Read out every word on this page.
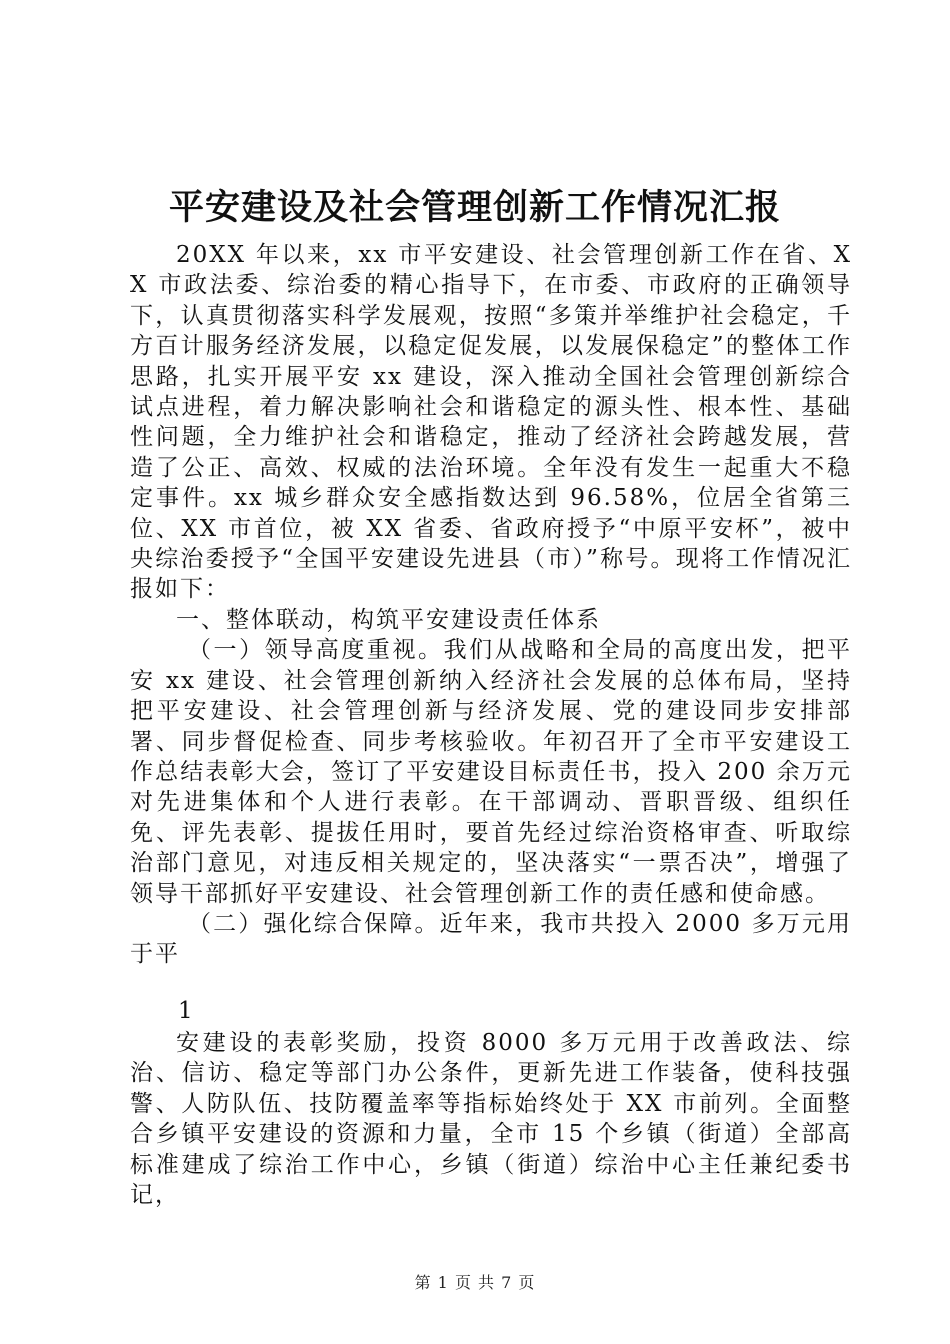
平安建设及社会管理创新工作情况汇报

20XX 年以来，xx 市平安建设、社会管理创新工作在省、XX 市政法委、综治委的精心指导下，在市委、市政府的正确领导下，认真贯彻落实科学发展观，按照“多策并举维护社会稳定，千方百计服务经济发展，以稳定促发展，以发展保稳定”的整体工作思路，扎实开展平安 xx 建设，深入推动全国社会管理创新综合试点进程，着力解决影响社会和谐稳定的源头性、根本性、基础性问题，全力维护社会和谐稳定，推动了经济社会跨越发展，营造了公正、高效、权威的法治环境。全年没有发生一起重大不稳定事件。xx 城乡群众安全感指数达到 96.58%，位居全省第三位、XX 市首位，被 XX 省委、省政府授予“中原平安杯”，被中央综治委授予“全国平安建设先进县（市）”称号。现将工作情况汇报如下：

一、整体联动，构筑平安建设责任体系

（一）领导高度重视。我们从战略和全局的高度出发，把平安 xx 建设、社会管理创新纳入经济社会发展的总体布局，坚持把平安建设、社会管理创新与经济发展、党的建设同步安排部署、同步督促检查、同步考核验收。年初召开了全市平安建设工作总结表彰大会，签订了平安建设目标责任书，投入 200 余万元对先进集体和个人进行表彰。在干部调动、晋职晋级、组织任免、评先表彰、提拔任用时，要首先经过综治资格审查、听取综治部门意见，对违反相关规定的，坚决落实“一票否决”，增强了领导干部抓好平安建设、社会管理创新工作的责任感和使命感。

（二）强化综合保障。近年来，我市共投入 2000 多万元用于平

1

安建设的表彰奖励，投资 8000 多万元用于改善政法、综治、信访、稳定等部门办公条件，更新先进工作装备，使科技强警、人防队伍、技防覆盖率等指标始终处于 XX 市前列。全面整合乡镇平安建设的资源和力量，全市 15 个乡镇（街道）全部高标准建成了综治工作中心，乡镇（街道）综治中心主任兼纪委书记，

第 1 页 共 7 页
